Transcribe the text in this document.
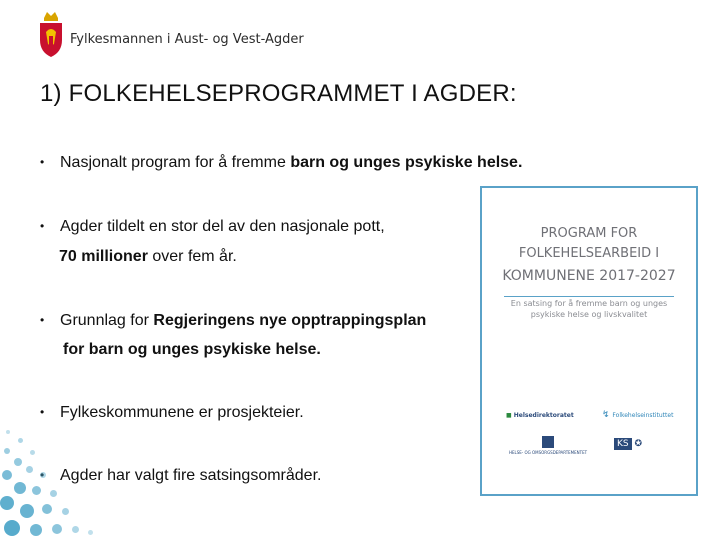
Fylkesmannen i Aust- og Vest-Agder
1) FOLKEHELSEPROGRAMMET I AGDER:
• Nasjonalt program for å fremme barn og unges psykiske helse.
• Agder tildelt en stor del av den nasjonale pott,
70 millioner over fem år.
• Grunnlag for Regjeringens nye opptrappingsplan
for barn og unges psykiske helse.
• Fylkeskommunene er prosjekteier.
• Agder har valgt fire satsingsområder.
PROGRAM FOR
FOLKEHELSEARBEID I
KOMMUNENE 2017-2027
En satsing for å fremme barn og unges
psykiske helse og livskvalitet
■ Helsedirektoratet	↯ Folkehelseinstituttet
HELSE- OG OMSORGSDEPARTEMENTET
KS ✪
